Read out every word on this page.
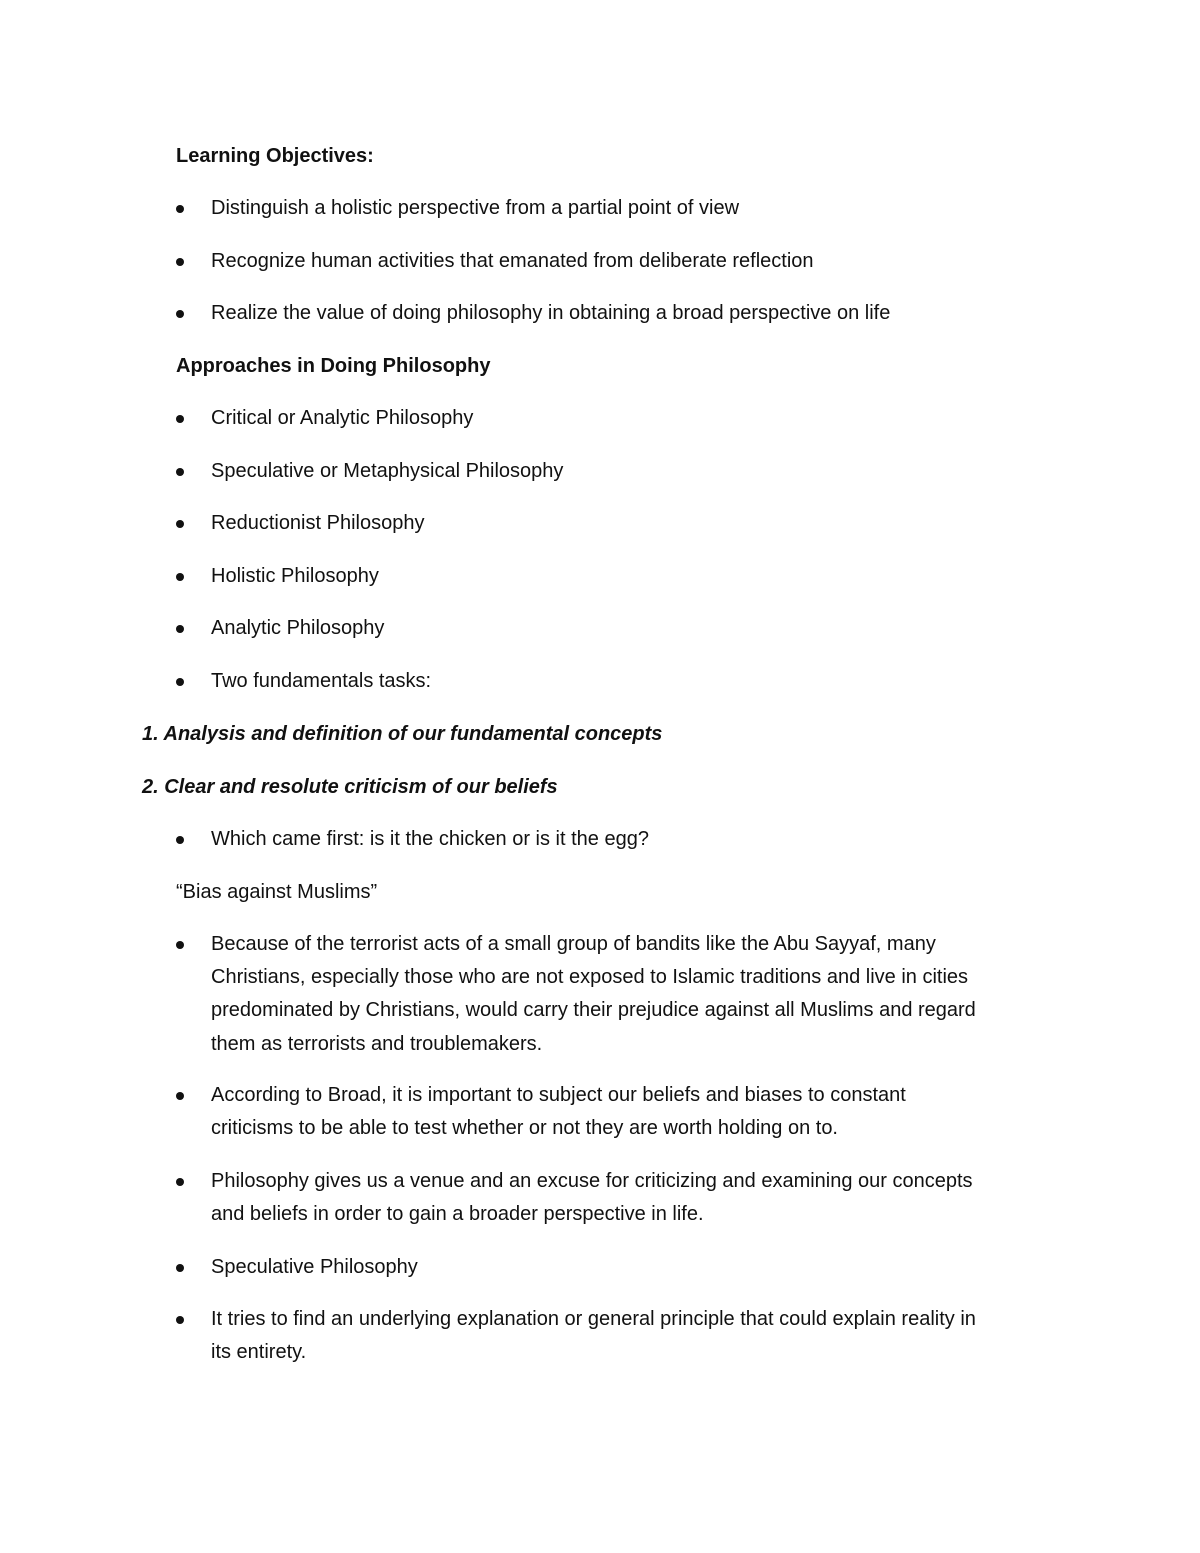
Learning Objectives:
Distinguish a holistic perspective from a partial point of view
Recognize human activities that emanated from deliberate reflection
Realize the value of doing philosophy in obtaining a broad perspective on life
Approaches in Doing Philosophy
Critical or Analytic Philosophy
Speculative or Metaphysical Philosophy
Reductionist Philosophy
Holistic Philosophy
Analytic Philosophy
Two fundamentals tasks:
1. Analysis and definition of our fundamental concepts
2. Clear and resolute criticism of our beliefs
Which came first: is it the chicken or is it the egg?
“Bias against Muslims”
Because of the terrorist acts of a small group of bandits like the Abu Sayyaf, many
Christians, especially those who are not exposed to Islamic traditions and live in cities
predominated by Christians, would carry their prejudice against all Muslims and regard
them as terrorists and troublemakers.
According to Broad, it is important to subject our beliefs and biases to constant
criticisms to be able to test whether or not they are worth holding on to.
Philosophy gives us a venue and an excuse for criticizing and examining our concepts
and beliefs in order to gain a broader perspective in life.
Speculative Philosophy
It tries to find an underlying explanation or general principle that could explain reality in
its entirety.
